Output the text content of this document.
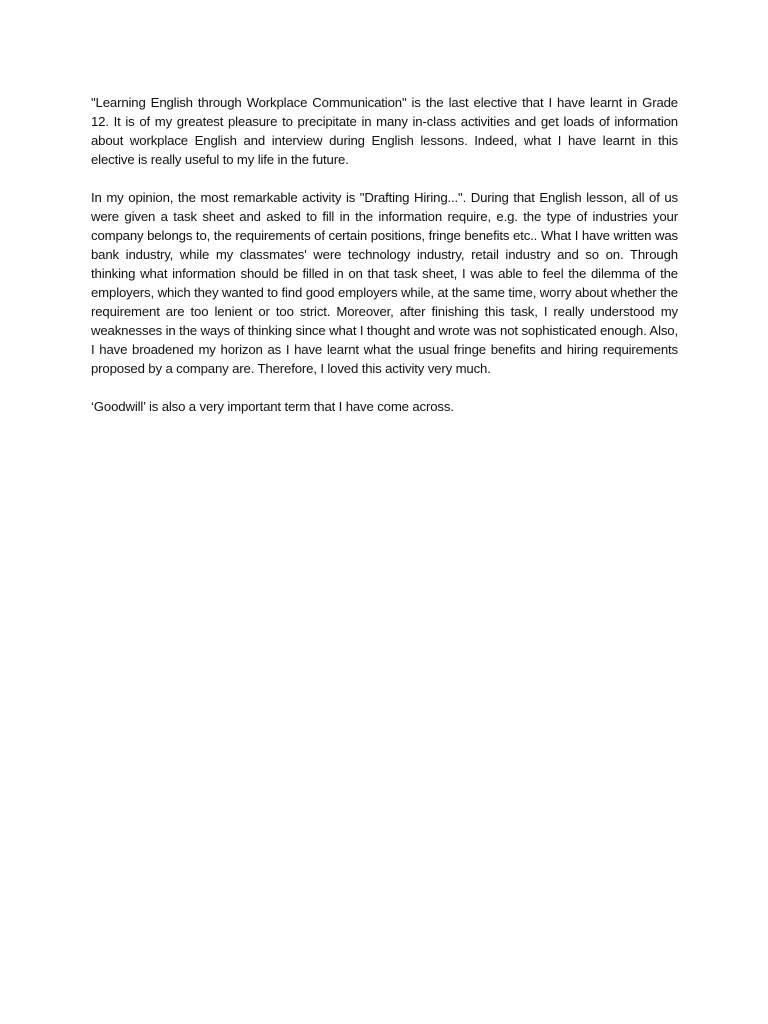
"Learning English through Workplace Communication" is the last elective that I have learnt in Grade 12. It is of my greatest pleasure to precipitate in many in-class activities and get loads of information about workplace English and interview during English lessons. Indeed, what I have learnt in this elective is really useful to my life in the future.

In my opinion, the most remarkable activity is "Drafting Hiring...". During that English lesson, all of us were given a task sheet and asked to fill in the information require, e.g. the type of industries your company belongs to, the requirements of certain positions, fringe benefits etc.. What I have written was bank industry, while my classmates' were technology industry, retail industry and so on. Through thinking what information should be filled in on that task sheet, I was able to feel the dilemma of the employers, which they wanted to find good employers while, at the same time, worry about whether the requirement are too lenient or too strict. Moreover, after finishing this task, I really understood my weaknesses in the ways of thinking since what I thought and wrote was not sophisticated enough. Also, I have broadened my horizon as I have learnt what the usual fringe benefits and hiring requirements proposed by a company are. Therefore, I loved this activity very much.

‘Goodwill’ is also a very important term that I have come across.
